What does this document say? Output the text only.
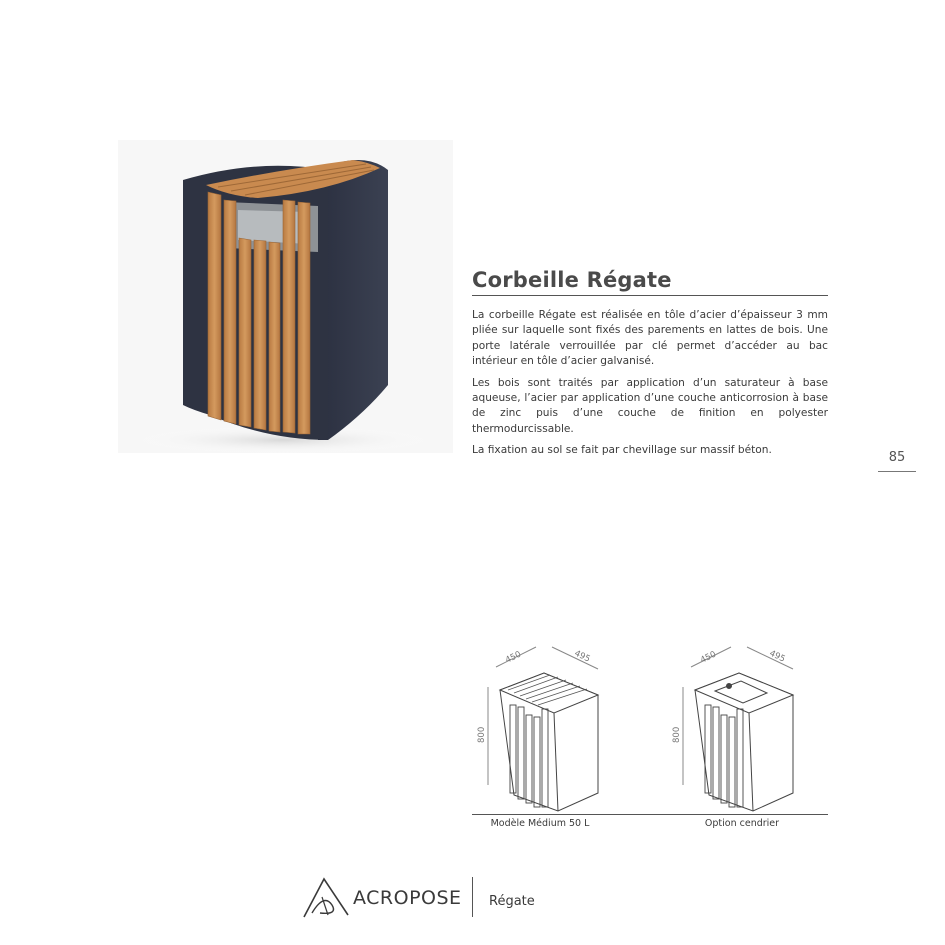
Corbeille Régate

La corbeille Régate est réalisée en tôle d’acier d’épaisseur 3 mm pliée sur laquelle sont fixés des parements en lattes de bois. Une porte latérale verrouillée par clé permet d’accéder au bac intérieur en tôle d’acier galvanisé.

Les bois sont traités par application d’un saturateur à base aqueuse, l’acier par application d’une couche anticorrosion à base de zinc puis d’une couche de finition en polyester thermodurcissable.

La fixation au sol se fait par chevillage sur massif béton.	85
450	495
800
450	495
800
Modèle Médium 50 L	Option cendrier
ACROPOSE Régate
